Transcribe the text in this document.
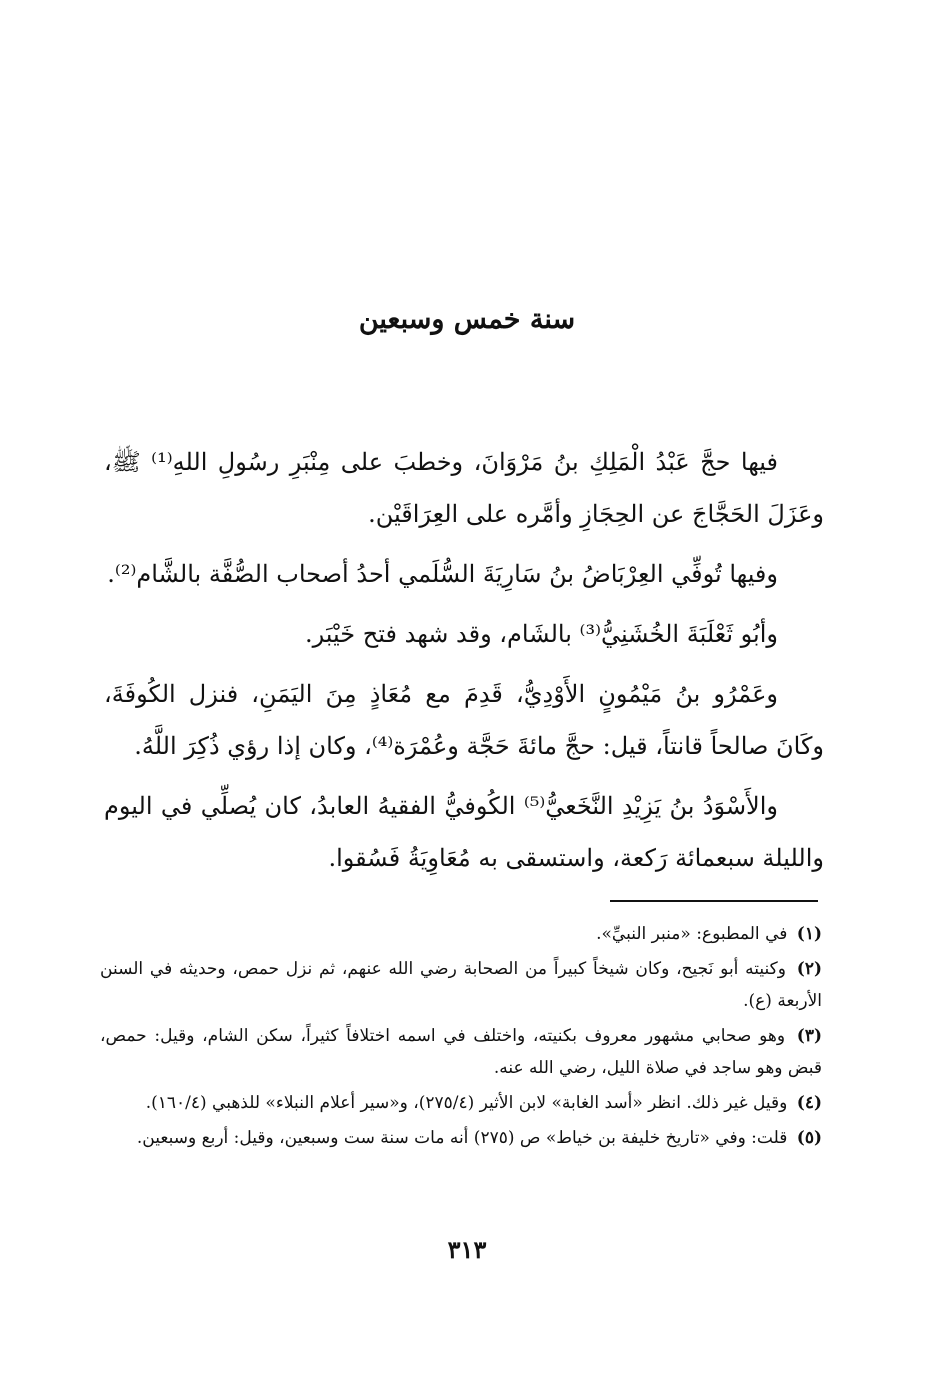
سنة خمس وسبعين

فيها حجَّ عَبْدُ الْمَلِكِ بنُ مَرْوَانَ، وخطبَ على مِنْبَرِ رسُولِ اللهِ⁽¹⁾ ﷺ، وعَزَلَ الحَجَّاجَ عن الحِجَازِ وأمَّره على العِرَاقَيْن.

وفيها تُوفِّي العِرْبَاضُ بنُ سَارِيَةَ السُّلَمي أحدُ أصحاب الصُّفَّة بالشَّام⁽²⁾.

وأبُو ثَعْلَبَةَ الخُشَنِيُّ⁽³⁾ بالشَام، وقد شهد فتح خَيْبَر.

وعَمْرُو بنُ مَيْمُونٍ الأَوْدِيُّ، قَدِمَ مع مُعَاذٍ مِنَ اليَمَنِ، فنزل الكُوفَةَ، وكَانَ صالحاً قانتاً، قيل: حجَّ مائةَ حَجَّة وعُمْرَة⁽⁴⁾، وكان إذا رؤي ذُكِرَ اللَّهُ.

والأَسْوَدُ بنُ يَزِيْدِ النَّخَعيُّ⁽⁵⁾ الكُوفيُّ الفقيهُ العابدُ، كان يُصلِّي في اليوم والليلة سبعمائة رَكعة، واستسقى به مُعَاوِيَةُ فَسُقوا.

(١) في المطبوع: «منبر النبيِّ».

(٢) وكنيته أبو نَجيح، وكان شيخاً كبيراً من الصحابة رضي الله عنهم، ثم نزل حمص، وحديثه في السنن الأربعة (ع).

(٣) وهو صحابي مشهور معروف بكنيته، واختلف في اسمه اختلافاً كثيراً، سكن الشام، وقيل: حمص، قبض وهو ساجد في صلاة الليل، رضي الله عنه.

(٤) وقيل غير ذلك. انظر «أسد الغابة» لابن الأثير (٢٧٥/٤)، و«سير أعلام النبلاء» للذهبي (١٦٠/٤).

(٥) قلت: وفي «تاريخ خليفة بن خياط» ص (٢٧٥) أنه مات سنة ست وسبعين، وقيل: أربع وسبعين.

٣١٣
